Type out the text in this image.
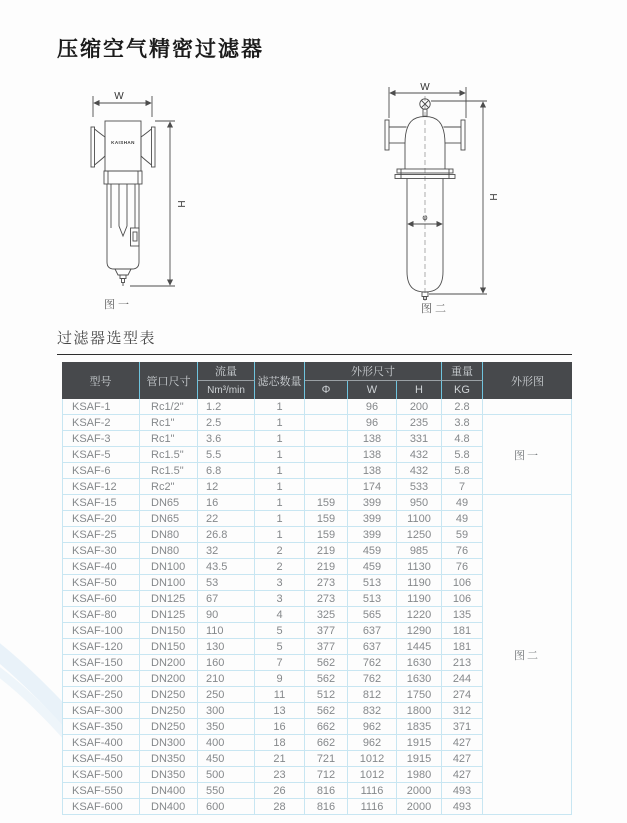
压缩空气精密过滤器
W
H
KAISHAN
图一
W
H
φ
图二
过滤器选型表
型号	管口尺寸	流量	滤芯数量	外形尺寸			重量	外形图
		Nm³/min		Φ	W	H	KG	
KSAF-1	Rc1/2"	1.2	1		96	200	2.8	
KSAF-2	Rc1"	2.5	1		96	235	3.8	图一
KSAF-3	Rc1"	3.6	1		138	331	4.8	
KSAF-5	Rc1.5"	5.5	1		138	432	5.8	
KSAF-6	Rc1.5"	6.8	1		138	432	5.8	
KSAF-12	Rc2"	12	1		174	533	7	
KSAF-15	DN65	16	1	159	399	950	49	图二
KSAF-20	DN65	22	1	159	399	1100	49	
KSAF-25	DN80	26.8	1	159	399	1250	59	
KSAF-30	DN80	32	2	219	459	985	76	
KSAF-40	DN100	43.5	2	219	459	1130	76	
KSAF-50	DN100	53	3	273	513	1190	106	
KSAF-60	DN125	67	3	273	513	1190	106	
KSAF-80	DN125	90	4	325	565	1220	135	
KSAF-100	DN150	110	5	377	637	1290	181	
KSAF-120	DN150	130	5	377	637	1445	181	
KSAF-150	DN200	160	7	562	762	1630	213	
KSAF-200	DN200	210	9	562	762	1630	244	
KSAF-250	DN250	250	11	512	812	1750	274	
KSAF-300	DN250	300	13	562	832	1800	312	
KSAF-350	DN250	350	16	662	962	1835	371	
KSAF-400	DN300	400	18	662	962	1915	427	
KSAF-450	DN350	450	21	721	1012	1915	427	
KSAF-500	DN350	500	23	712	1012	1980	427	
KSAF-550	DN400	550	26	816	1116	2000	493	
KSAF-600	DN400	600	28	816	1116	2000	493	
